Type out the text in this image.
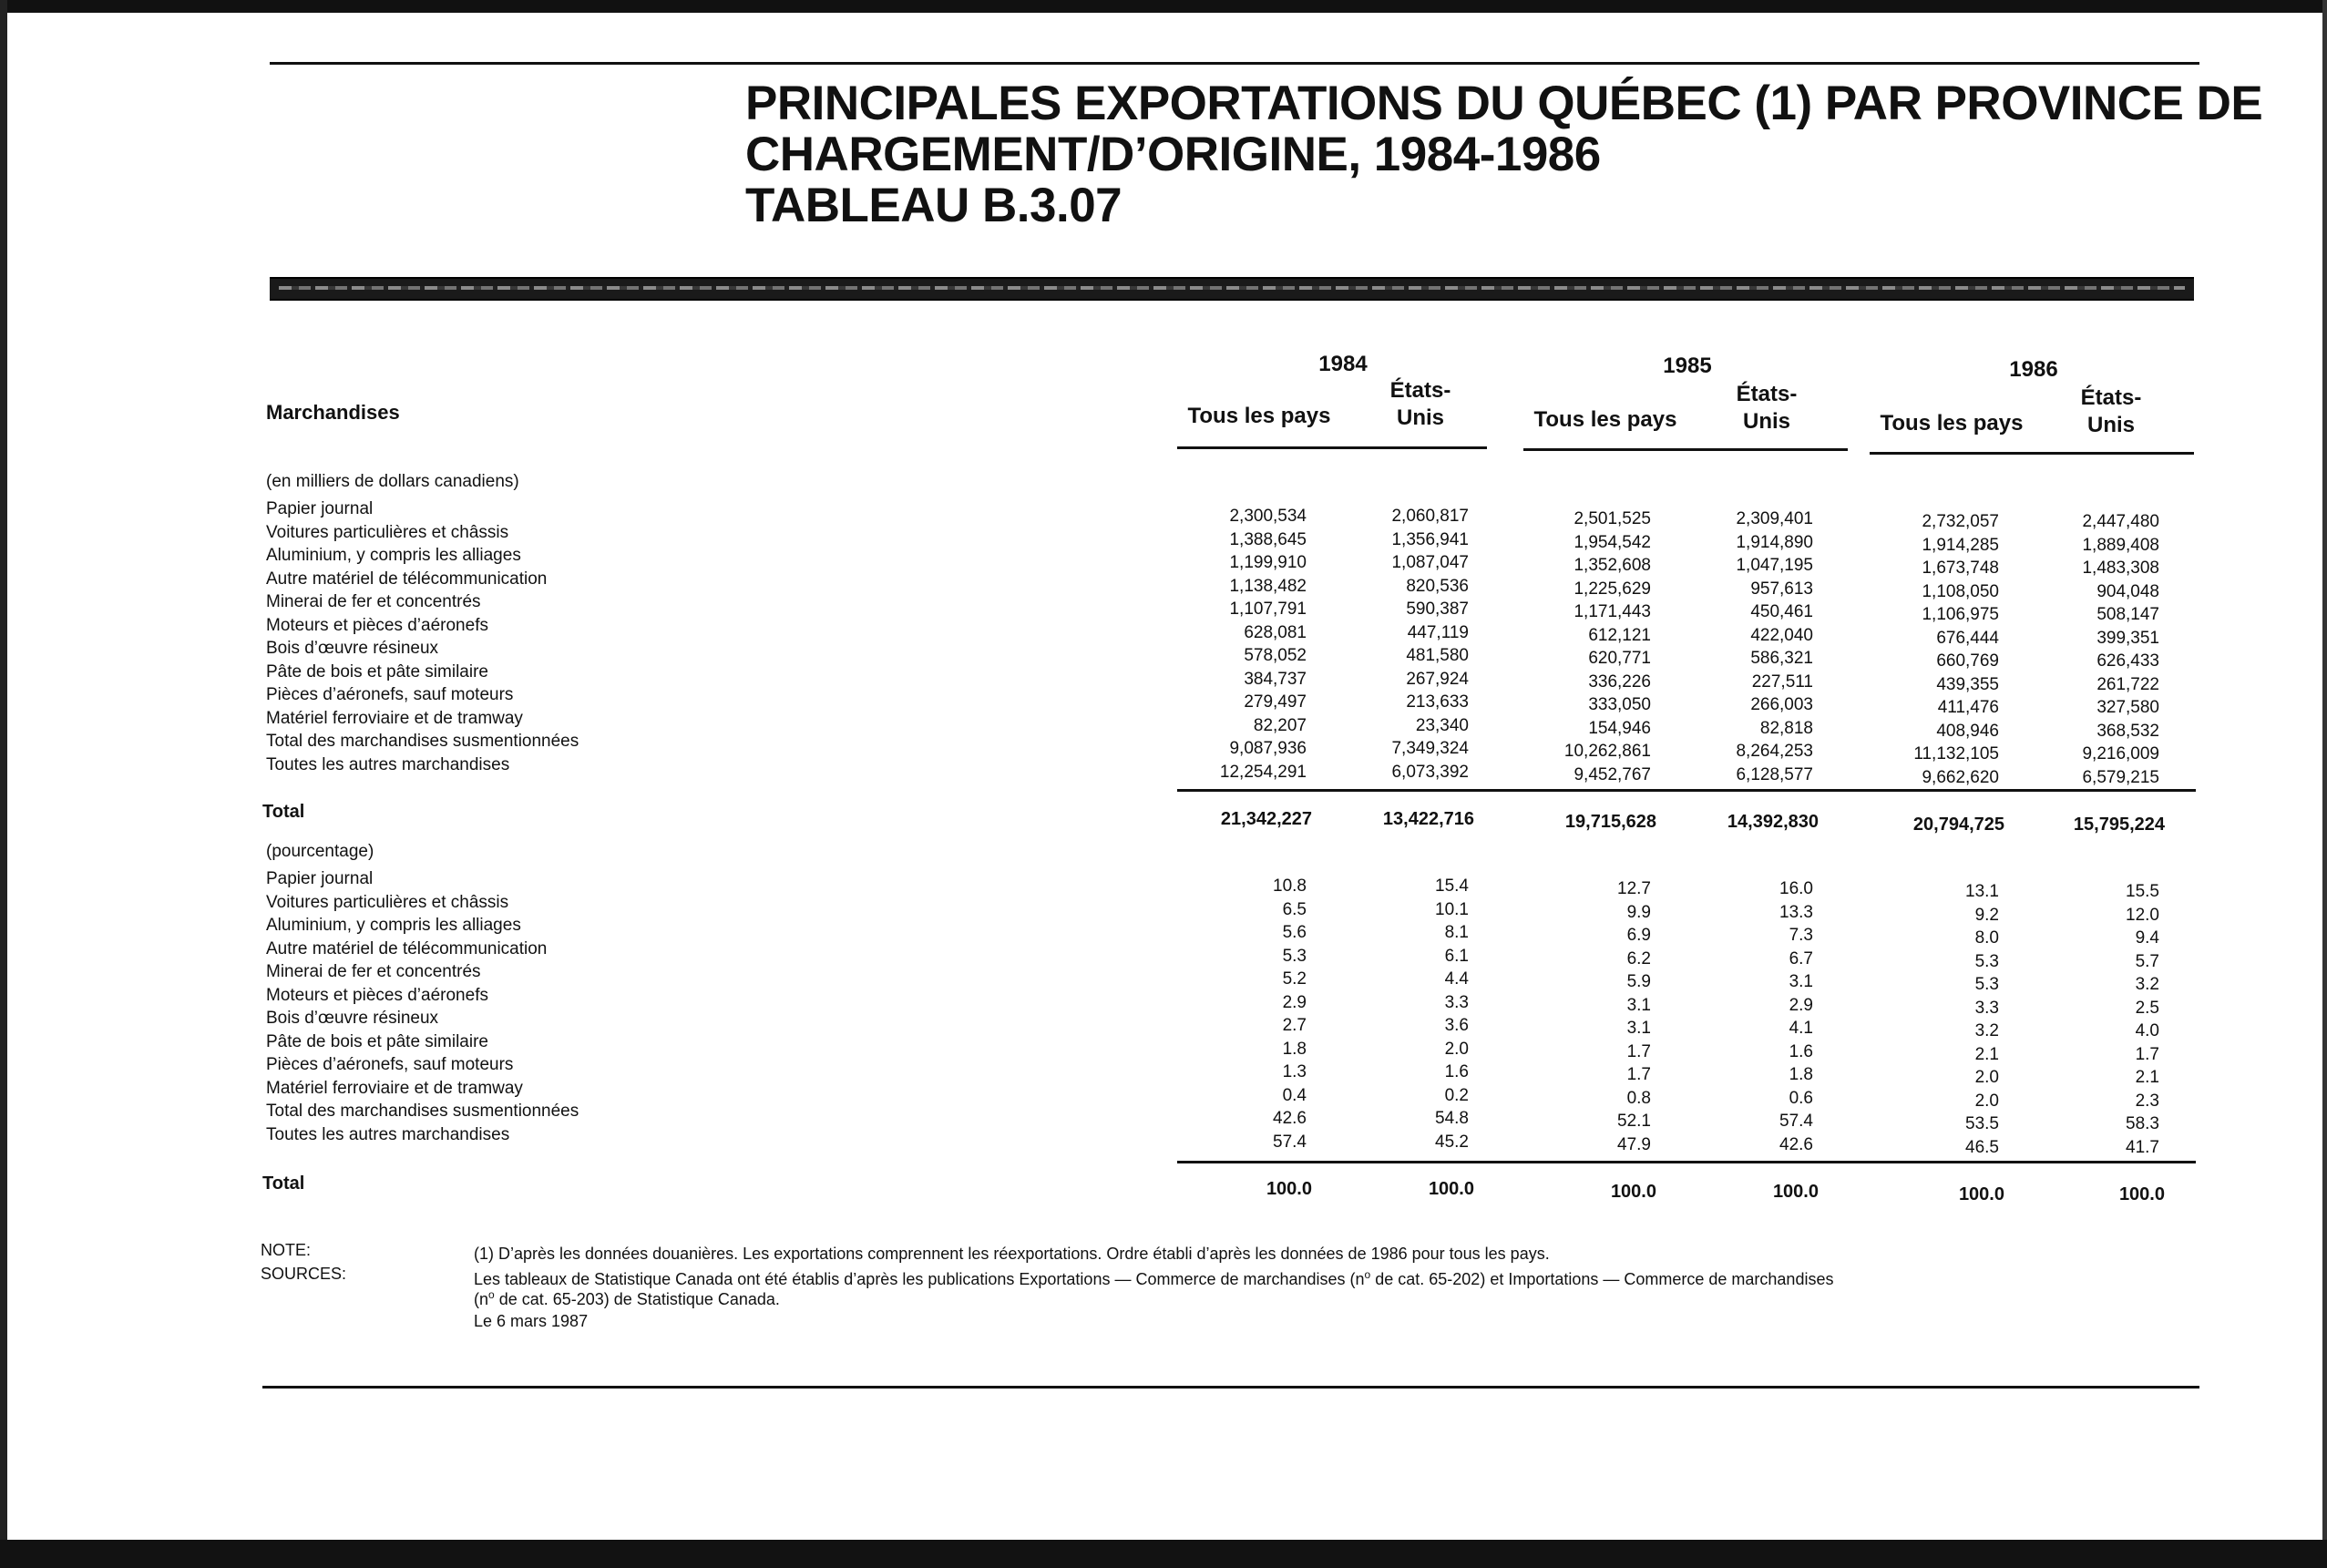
PRINCIPALES EXPORTATIONS DU QUÉBEC (1) PAR PROVINCE DE
CHARGEMENT/D’ORIGINE, 1984-1986
TABLEAU B.3.07
Marchandises
1984	1985	1986
Tous les pays
États-
Unis	Tous les pays
États-
Unis	Tous les pays
États-
Unis
(en milliers de dollars canadiens)
Papier journal	2,300,534	2,060,817	2,501,525	2,309,401	2,732,057	2,447,480
Voitures particulières et châssis	1,388,645	1,356,941	1,954,542	1,914,890	1,914,285	1,889,408
Aluminium, y compris les alliages	1,199,910	1,087,047	1,352,608	1,047,195	1,673,748	1,483,308
Autre matériel de télécommunication	1,138,482	820,536	1,225,629	957,613	1,108,050	904,048
Minerai de fer et concentrés	1,107,791	590,387	1,171,443	450,461	1,106,975	508,147
Moteurs et pièces d’aéronefs	628,081	447,119	612,121	422,040	676,444	399,351
Bois d’œuvre résineux	578,052	481,580	620,771	586,321	660,769	626,433
Pâte de bois et pâte similaire	384,737	267,924	336,226	227,511	439,355	261,722
Pièces d’aéronefs, sauf moteurs	279,497	213,633	333,050	266,003	411,476	327,580
Matériel ferroviaire et de tramway	82,207	23,340	154,946	82,818	408,946	368,532
Total des marchandises susmentionnées	9,087,936	7,349,324	10,262,861	8,264,253	11,132,105	9,216,009
Toutes les autres marchandises	12,254,291	6,073,392	9,452,767	6,128,577	9,662,620	6,579,215
Total	21,342,227	13,422,716	19,715,628	14,392,830	20,794,725	15,795,224
(pourcentage)
Papier journal	10.8	15.4	12.7	16.0	13.1	15.5
Voitures particulières et châssis	6.5	10.1	9.9	13.3	9.2	12.0
Aluminium, y compris les alliages	5.6	8.1	6.9	7.3	8.0	9.4
Autre matériel de télécommunication	5.3	6.1	6.2	6.7	5.3	5.7
Minerai de fer et concentrés	5.2	4.4	5.9	3.1	5.3	3.2
Moteurs et pièces d’aéronefs	2.9	3.3	3.1	2.9	3.3	2.5
Bois d’œuvre résineux	2.7	3.6	3.1	4.1	3.2	4.0
Pâte de bois et pâte similaire	1.8	2.0	1.7	1.6	2.1	1.7
Pièces d’aéronefs, sauf moteurs	1.3	1.6	1.7	1.8	2.0	2.1
Matériel ferroviaire et de tramway	0.4	0.2	0.8	0.6	2.0	2.3
Total des marchandises susmentionnées	42.6	54.8	52.1	57.4	53.5	58.3
Toutes les autres marchandises	57.4	45.2	47.9	42.6	46.5	41.7
Total	100.0	100.0	100.0	100.0	100.0	100.0
NOTE:	(1) D’après les données douanières. Les exportations comprennent les réexportations. Ordre établi d’après les données de 1986 pour tous les pays.
SOURCES:	Les tableaux de Statistique Canada ont été établis d’après les publications Exportations — Commerce de marchandises ($n^o$ de cat. 65-202) et Importations — Commerce de marchandises
($n^o$ de cat. 65-203) de Statistique Canada.
Le 6 mars 1987
